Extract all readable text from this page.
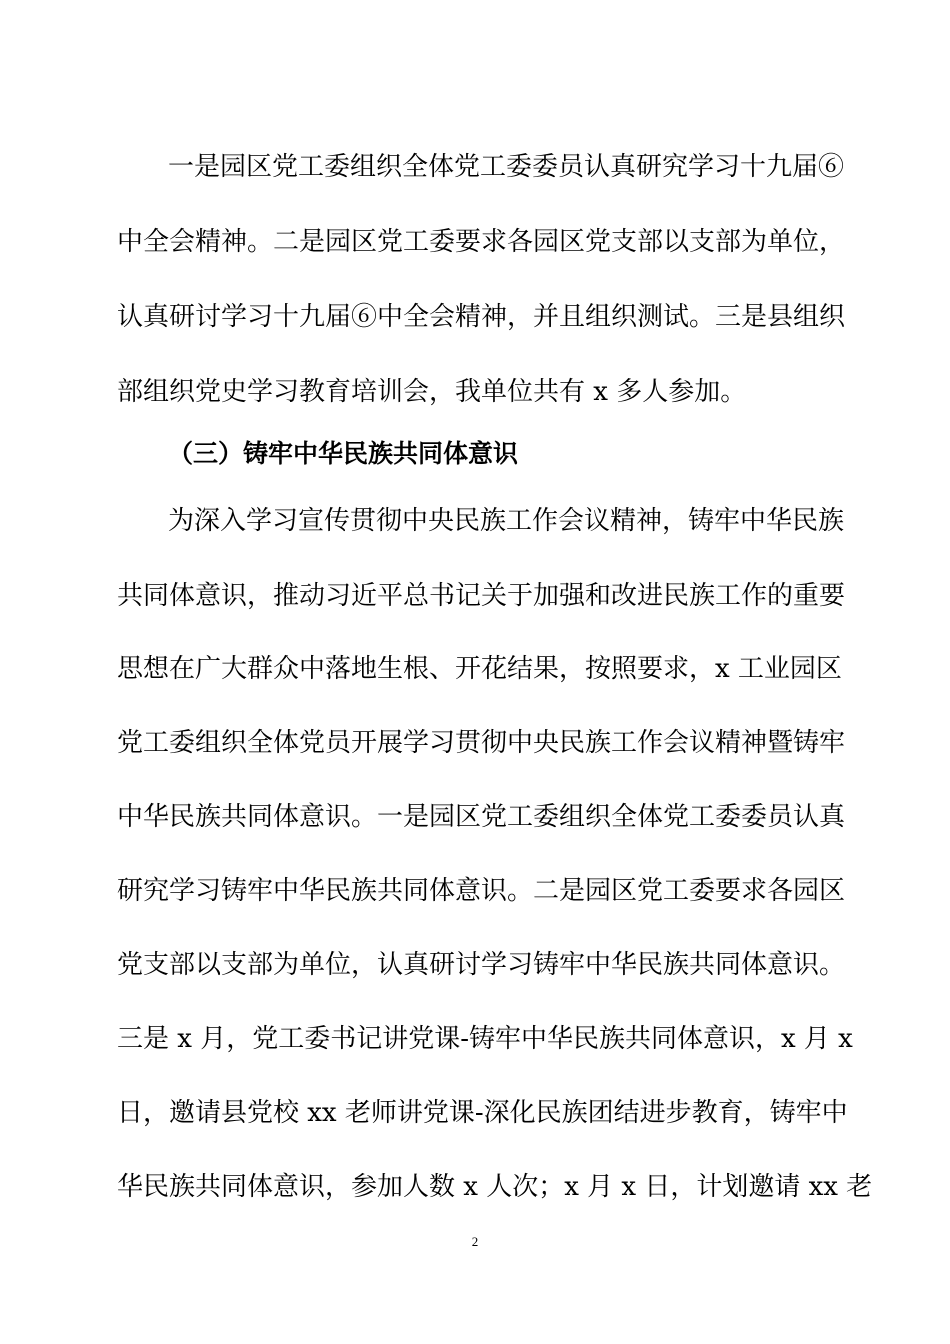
一是园区党工委组织全体党工委委员认真研究学习十九届⑥
中全会精神。二是园区党工委要求各园区党支部以支部为单位，
认真研讨学习十九届⑥中全会精神，并且组织测试。三是县组织
部组织党史学习教育培训会，我单位共有 x 多人参加。
（三）铸牢中华民族共同体意识
为深入学习宣传贯彻中央民族工作会议精神，铸牢中华民族
共同体意识，推动习近平总书记关于加强和改进民族工作的重要
思想在广大群众中落地生根、开花结果，按照要求，x 工业园区
党工委组织全体党员开展学习贯彻中央民族工作会议精神暨铸牢
中华民族共同体意识。一是园区党工委组织全体党工委委员认真
研究学习铸牢中华民族共同体意识。二是园区党工委要求各园区
党支部以支部为单位，认真研讨学习铸牢中华民族共同体意识。
三是 x 月，党工委书记讲党课-铸牢中华民族共同体意识，x 月 x
日，邀请县党校 xx 老师讲党课-深化民族团结进步教育，铸牢中
华民族共同体意识，参加人数 x 人次；x 月 x 日，计划邀请 xx 老
2
